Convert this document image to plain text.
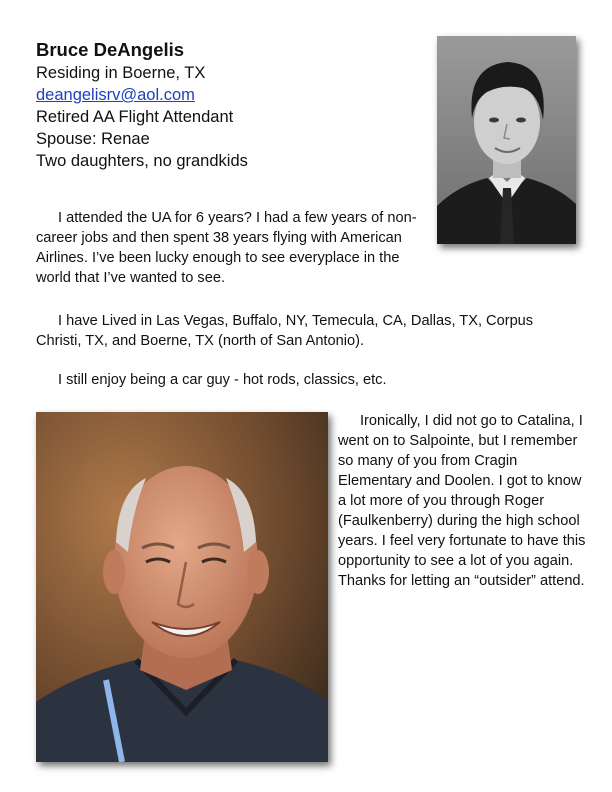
Bruce DeAngelis
Residing in Boerne, TX
deangelisrv@aol.com
Retired AA Flight Attendant
Spouse: Renae
Two daughters, no grandkids

I attended the UA for 6 years? I had a few years of non-career jobs and then spent 38 years flying with American Airlines. I’ve been lucky enough to see everyplace in the world that I’ve wanted to see.

I have Lived in Las Vegas, Buffalo, NY, Temecula, CA, Dallas, TX, Corpus Christi, TX, and Boerne, TX (north of San Antonio).

I still enjoy being a car guy - hot rods, classics, etc.

Ironically, I did not go to Catalina, I went on to Salpointe, but I remember so many of you from Cragin Elementary and Doolen. I got to know a lot more of you through Roger (Faulkenberry) during the high school years. I feel very fortunate to have this opportunity to see a lot of you again. Thanks for letting an “outsider” attend.
